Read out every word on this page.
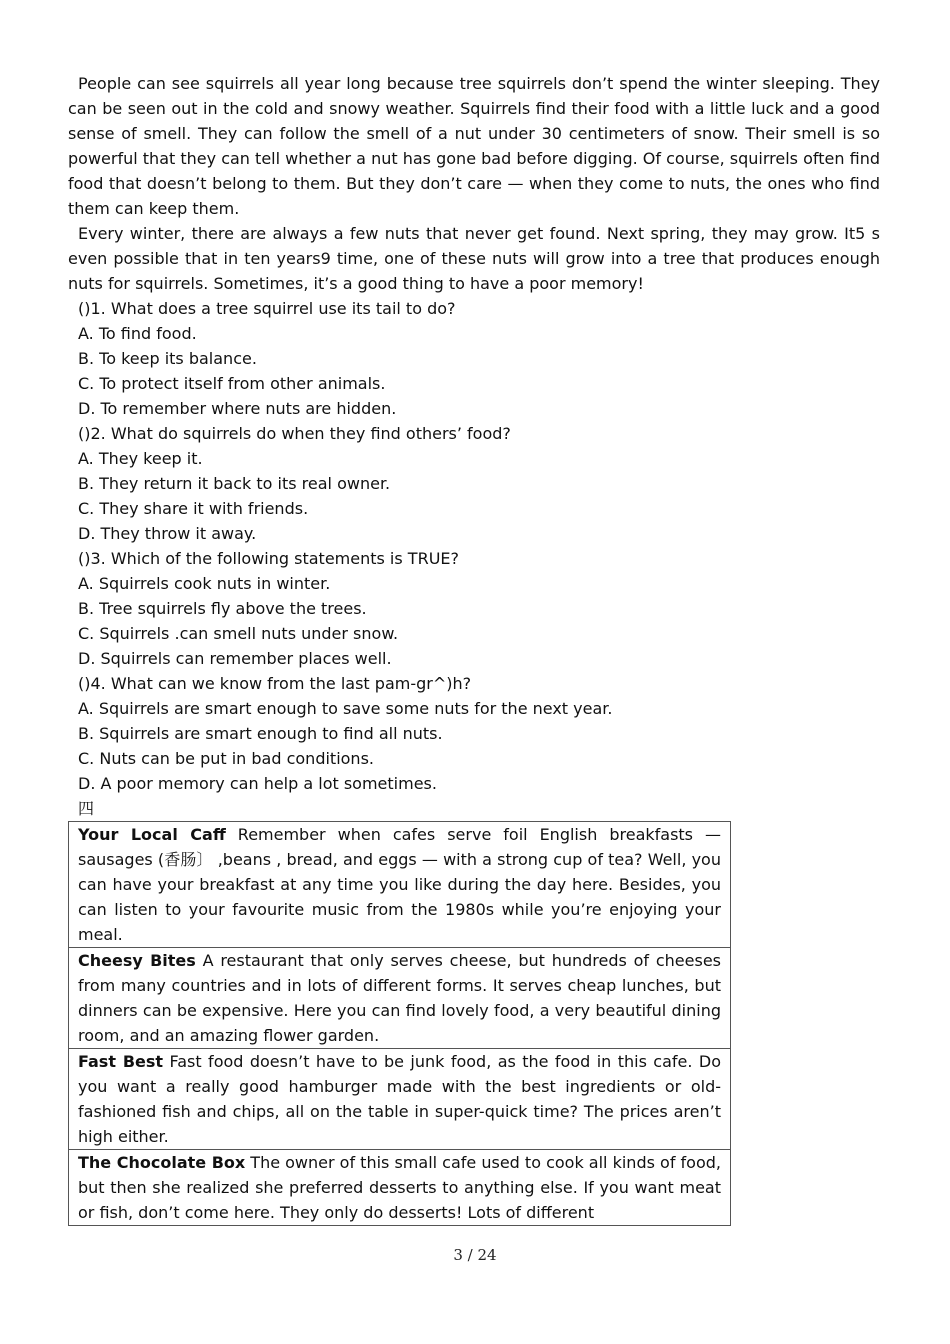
People can see squirrels all year long because tree squirrels don’t spend the winter sleeping. They can be seen out in the cold and snowy weather. Squirrels find their food with a little luck and a good sense of smell. They can follow the smell of a nut under 30 centimeters of snow. Their smell is so powerful that they can tell whether a nut has gone bad before digging. Of course, squirrels often find food that doesn’t belong to them. But they don’t care — when they come to nuts, the ones who find them can keep them.

Every winter, there are always a few nuts that never get found. Next spring, they may grow. It5 s even possible that in ten years9 time, one of these nuts will grow into a tree that produces enough nuts for squirrels. Sometimes, it’s a good thing to have a poor memory!

()1. What does a tree squirrel use its tail to do?

A. To find food.

B. To keep its balance.

C. To protect itself from other animals.

D. To remember where nuts are hidden.

()2. What do squirrels do when they find others’ food?

A. They keep it.

B. They return it back to its real owner.

C. They share it with friends.

D. They throw it away.

()3. Which of the following statements is TRUE?

A. Squirrels cook nuts in winter.

B. Tree squirrels fly above the trees.

C. Squirrels .can smell nuts under snow.

D. Squirrels can remember places well.

()4. What can we know from the last pam-gr^)h?

A. Squirrels are smart enough to save some nuts for the next year.

B. Squirrels are smart enough to find all nuts.

C. Nuts can be put in bad conditions.

D. A poor memory can help a lot sometimes.

四

Your Local Caff Remember when cafes serve foil English breakfasts — sausages (香肠〕 ,beans , bread, and eggs — with a strong cup of tea? Well, you can have your breakfast at any time you like during the day here. Besides, you can listen to your favourite music from the 1980s while you’re enjoying your meal.
Cheesy Bites A restaurant that only serves cheese, but hundreds of cheeses from many countries and in lots of different forms. It serves cheap lunches, but dinners can be expensive. Here you can find lovely food, a very beautiful dining room, and an amazing flower garden.
Fast Best Fast food doesn’t have to be junk food, as the food in this cafe. Do you want a really good hamburger made with the best ingredients or old-fashioned fish and chips, all on the table in super-quick time? The prices aren’t high either.
The Chocolate Box The owner of this small cafe used to cook all kinds of food, but then she realized she preferred desserts to anything else. If you want meat or fish, don’t come here. They only do desserts! Lots of different
3 / 24
